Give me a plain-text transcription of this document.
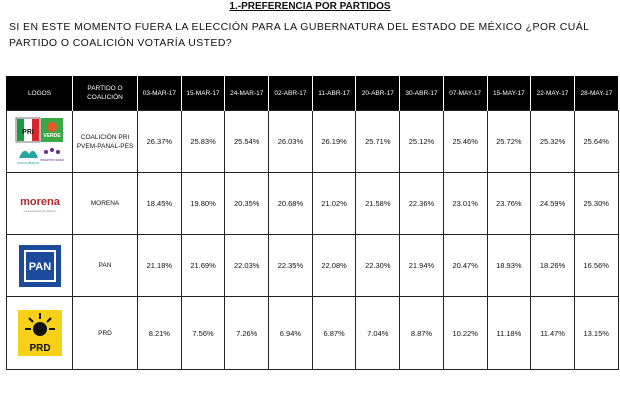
1.-PREFERENCIA POR PARTIDOS
SI EN ESTE MOMENTO FUERA LA ELECCIÓN PARA LA GUBERNATURA DEL ESTADO DE MÉXICO ¿POR CUÁL PARTIDO O COALICIÓN VOTARÍA USTED?
LOGOS	PARTIDO O COALICIÓN	03-MAR-17	15-MAR-17	24-MAR-17	02-ABR-17	11-ABR-17	20-ABR-17	30-ABR-17	07-MAY-17	15-MAY-17	22-MAY-17	28-MAY-17

PRI VERDE
nueva alianza
encuentro social	COALICIÓN PRI PVEM-PANAL-PES	26.37%	25.83%	25.54%	26.03%	26.19%	25.71%	25.12%	25.46%	25.72%	25.32%	25.64%

morena
La esperanza de México	MORENA	18.45%	19.80%	20.35%	20.68%	21.02%	21.58%	22.36%	23.01%	23.76%	24.59%	25.30%

PAN	PAN	21.18%	21.69%	22.03%	22.35%	22.08%	22.30%	21.94%	20.47%	18.93%	18.26%	16.56%

PRD	PRD	8.21%	7.56%	7.26%	6.94%	6.87%	7.04%	8.87%	10.22%	11.18%	11.47%	13.15%
